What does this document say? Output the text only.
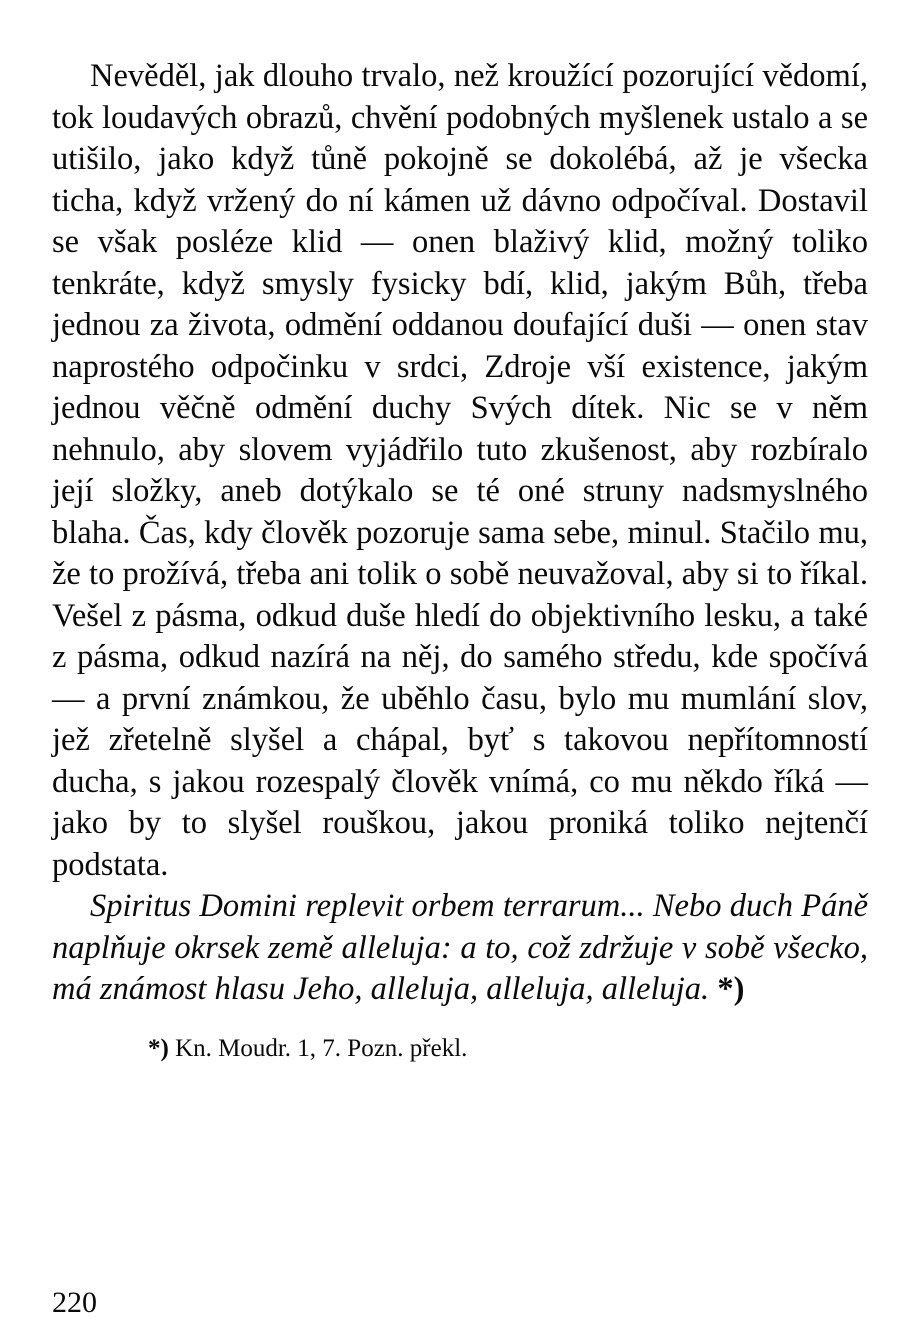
Nevěděl, jak dlouho trvalo, než kroužící pozorující vědomí, tok loudavých obrazů, chvění podobných myšlenek ustalo a se utišilo, jako když tůně pokojně se dokolébá, až je všecka ticha, když vržený do ní kámen už dávno odpočíval. Dostavil se však posléze klid — onen blaživý klid, možný toliko tenkráte, když smysly fysicky bdí, klid, jakým Bůh, třeba jednou za života, odmění oddanou doufající duši — onen stav naprostého odpočinku v srdci, Zdroje vší existence, jakým jednou věčně odmění duchy Svých dítek. Nic se v něm nehnulo, aby slovem vyjádřilo tuto zkušenost, aby rozbíralo její složky, aneb dotýkalo se té oné struny nadsmyslného blaha. Čas, kdy člověk pozoruje sama sebe, minul. Stačilo mu, že to prožívá, třeba ani tolik o sobě neuvažoval, aby si to říkal. Vešel z pásma, odkud duše hledí do objektivního lesku, a také z pásma, odkud nazírá na něj, do samého středu, kde spočívá — a první známkou, že uběhlo času, bylo mu mumlání slov, jež zřetelně slyšel a chápal, byť s takovou nepřítomností ducha, s jakou rozespalý člověk vnímá, co mu někdo říká — jako by to slyšel rouškou, jakou proniká toliko nejtenčí podstata.

Spiritus Domini replevit orbem terrarum... Nebo duch Páně naplňuje okrsek země alleluja: a to, což zdržuje v sobě všecko, má známost hlasu Jeho, alleluja, alleluja, alleluja. *)

*) Kn. Moudr. 1, 7. Pozn. překl.
220
